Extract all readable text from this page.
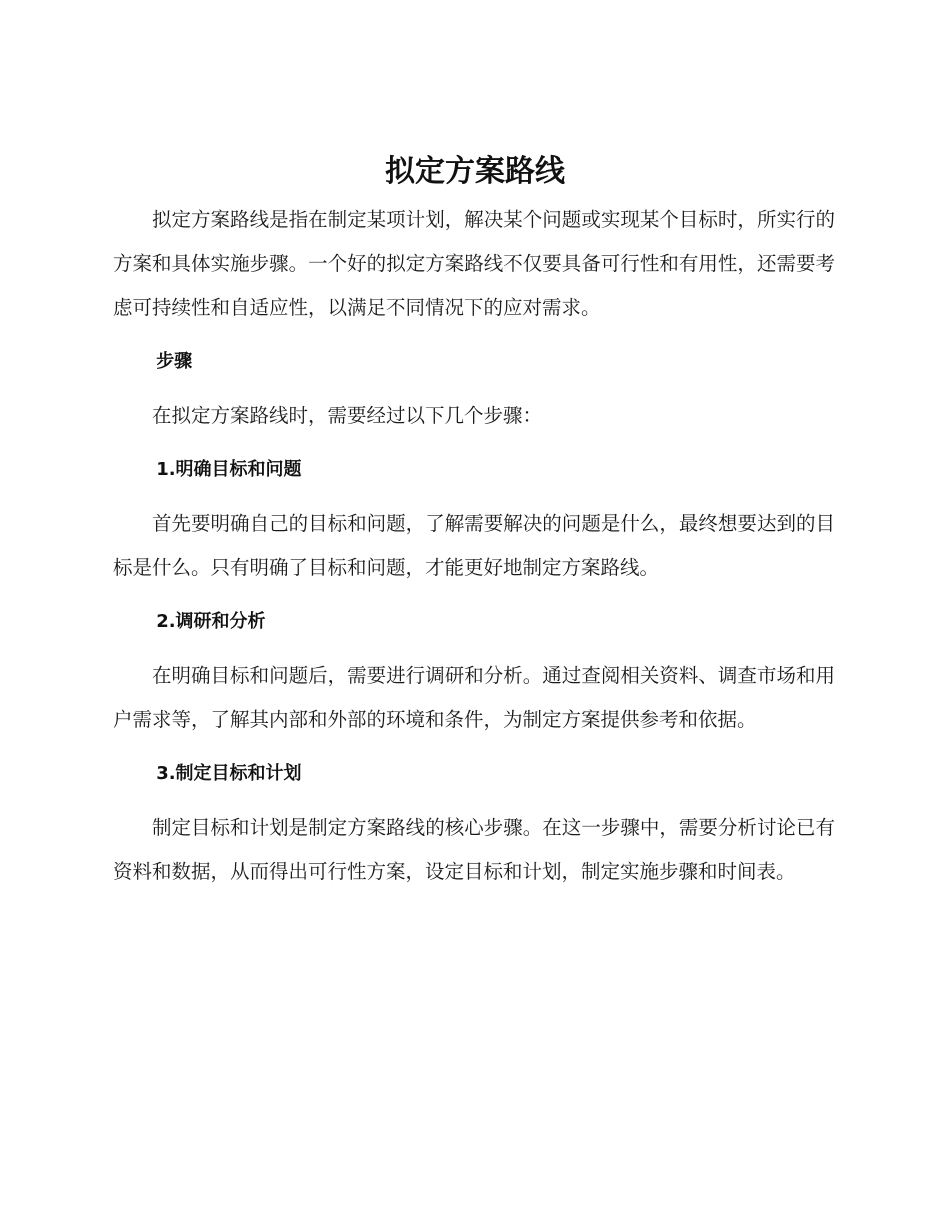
拟定方案路线

拟定方案路线是指在制定某项计划，解决某个问题或实现某个目标时，所实行的方案和具体实施步骤。一个好的拟定方案路线不仅要具备可行性和有用性，还需要考虑可持续性和自适应性，以满足不同情况下的应对需求。

步骤

在拟定方案路线时，需要经过以下几个步骤：

1.明确目标和问题

首先要明确自己的目标和问题，了解需要解决的问题是什么，最终想要达到的目标是什么。只有明确了目标和问题，才能更好地制定方案路线。

2.调研和分析

在明确目标和问题后，需要进行调研和分析。通过查阅相关资料、调查市场和用户需求等，了解其内部和外部的环境和条件，为制定方案提供参考和依据。

3.制定目标和计划

制定目标和计划是制定方案路线的核心步骤。在这一步骤中，需要分析讨论已有资料和数据，从而得出可行性方案，设定目标和计划，制定实施步骤和时间表。
